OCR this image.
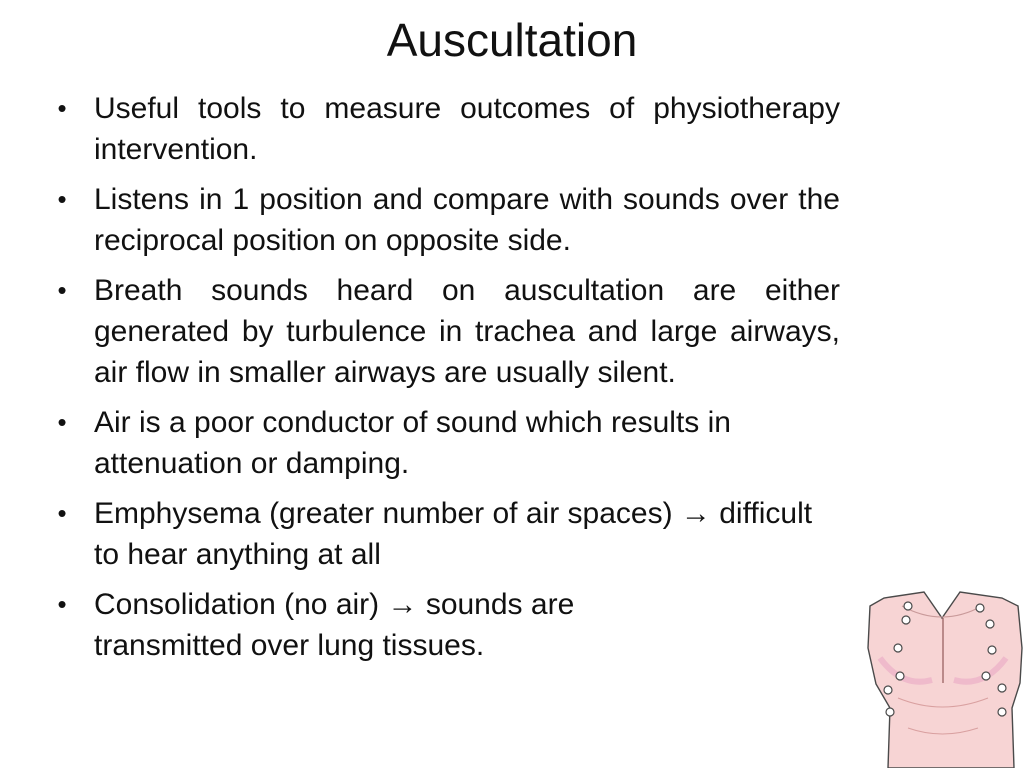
Auscultation
• Useful tools to measure outcomes of physiotherapy intervention.
• Listens in 1 position and compare with sounds over the reciprocal position on opposite side.
• Breath sounds heard on auscultation are either generated by turbulence in trachea and large airways, air flow in smaller airways are usually silent.
• Air is a poor conductor of sound which results in attenuation or damping.
• Emphysema (greater number of air spaces) → difficult to hear anything at all
• Consolidation (no air) → sounds are transmitted over lung tissues.
